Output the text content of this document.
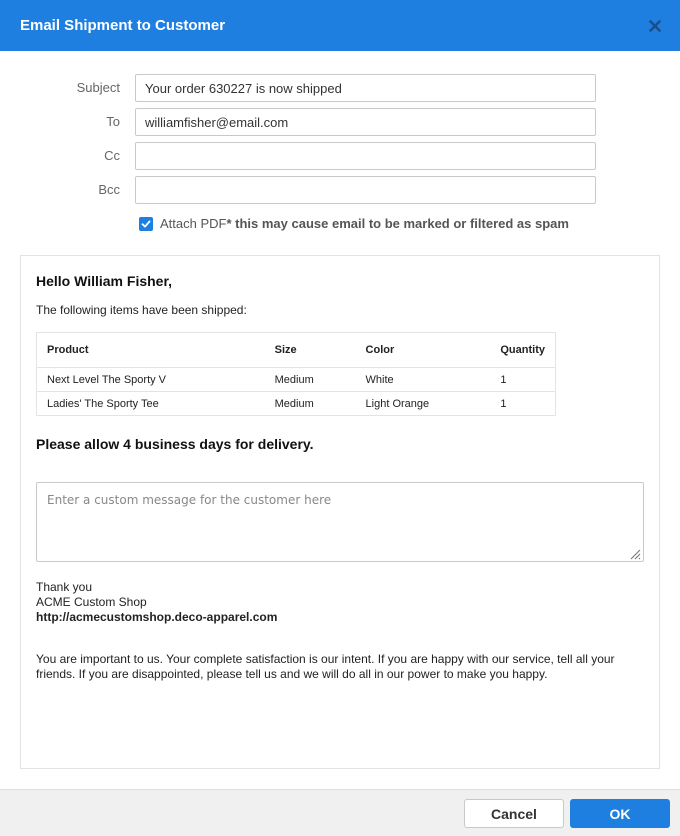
Email Shipment to Customer
Subject
Your order 630227 is now shipped
To
williamfisher@email.com
Cc
Bcc
Attach PDF * this may cause email to be marked or filtered as spam
Hello William Fisher,
The following items have been shipped:
Product	Size	Color	Quantity
Next Level The Sporty V	Medium	White	1
Ladies' The Sporty Tee	Medium	Light Orange	1
Please allow 4 business days for delivery.
Enter a custom message for the customer here
Thank you
ACME Custom Shop
http://acmecustomshop.deco-apparel.com
You are important to us. Your complete satisfaction is our intent. If you are happy with our service, tell all your friends. If you are disappointed, please tell us and we will do all in our power to make you happy.
Cancel	OK
